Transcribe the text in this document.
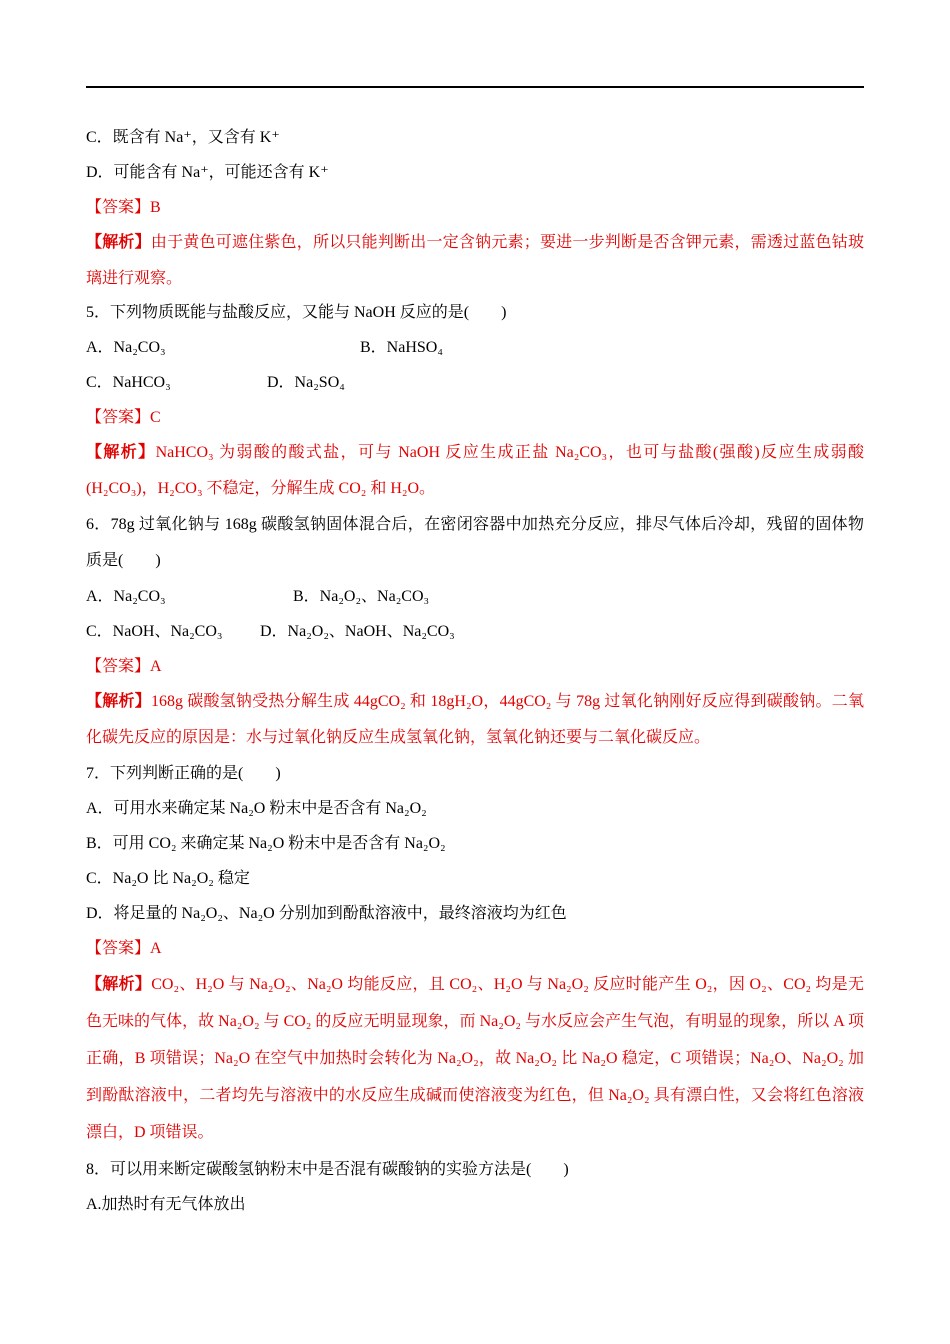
C．既含有 Na⁺，又含有 K⁺
D．可能含有 Na⁺，可能还含有 K⁺
【答案】B
【解析】由于黄色可遮住紫色，所以只能判断出一定含钠元素；要进一步判断是否含钾元素，需透过蓝色钴玻璃进行观察。
5．下列物质既能与盐酸反应，又能与 NaOH 反应的是(　　)
A．Na₂CO₃	B．NaHSO₄
C．NaHCO₃	D．Na₂SO₄
【答案】C
【解析】NaHCO₃ 为弱酸的酸式盐，可与 NaOH 反应生成正盐 Na₂CO₃，也可与盐酸(强酸)反应生成弱酸(H₂CO₃)，H₂CO₃ 不稳定，分解生成 CO₂ 和 H₂O。
6．78g 过氧化钠与 168g 碳酸氢钠固体混合后，在密闭容器中加热充分反应，排尽气体后冷却，残留的固体物质是(　　)
A．Na₂CO₃	B．Na₂O₂、Na₂CO₃
C．NaOH、Na₂CO₃ D．Na₂O₂、NaOH、Na₂CO₃
【答案】A
【解析】168g 碳酸氢钠受热分解生成 44gCO₂ 和 18gH₂O，44gCO₂ 与 78g 过氧化钠刚好反应得到碳酸钠。二氧化碳先反应的原因是：水与过氧化钠反应生成氢氧化钠，氢氧化钠还要与二氧化碳反应。
7．下列判断正确的是(　　)
A．可用水来确定某 Na₂O 粉末中是否含有 Na₂O₂
B．可用 CO₂ 来确定某 Na₂O 粉末中是否含有 Na₂O₂
C．Na₂O 比 Na₂O₂ 稳定
D．将足量的 Na₂O₂、Na₂O 分别加到酚酞溶液中，最终溶液均为红色
【答案】A
【解析】CO₂、H₂O 与 Na₂O₂、Na₂O 均能反应，且 CO₂、H₂O 与 Na₂O₂ 反应时能产生 O₂，因 O₂、CO₂ 均是无色无味的气体，故 Na₂O₂ 与 CO₂ 的反应无明显现象，而 Na₂O₂ 与水反应会产生气泡，有明显的现象，所以 A 项正确，B 项错误；Na₂O 在空气中加热时会转化为 Na₂O₂，故 Na₂O₂ 比 Na₂O 稳定，C 项错误；Na₂O、Na₂O₂ 加到酚酞溶液中，二者均先与溶液中的水反应生成碱而使溶液变为红色，但 Na₂O₂ 具有漂白性，又会将红色溶液漂白，D 项错误。
8．可以用来断定碳酸氢钠粉末中是否混有碳酸钠的实验方法是(　　)
A.加热时有无气体放出
